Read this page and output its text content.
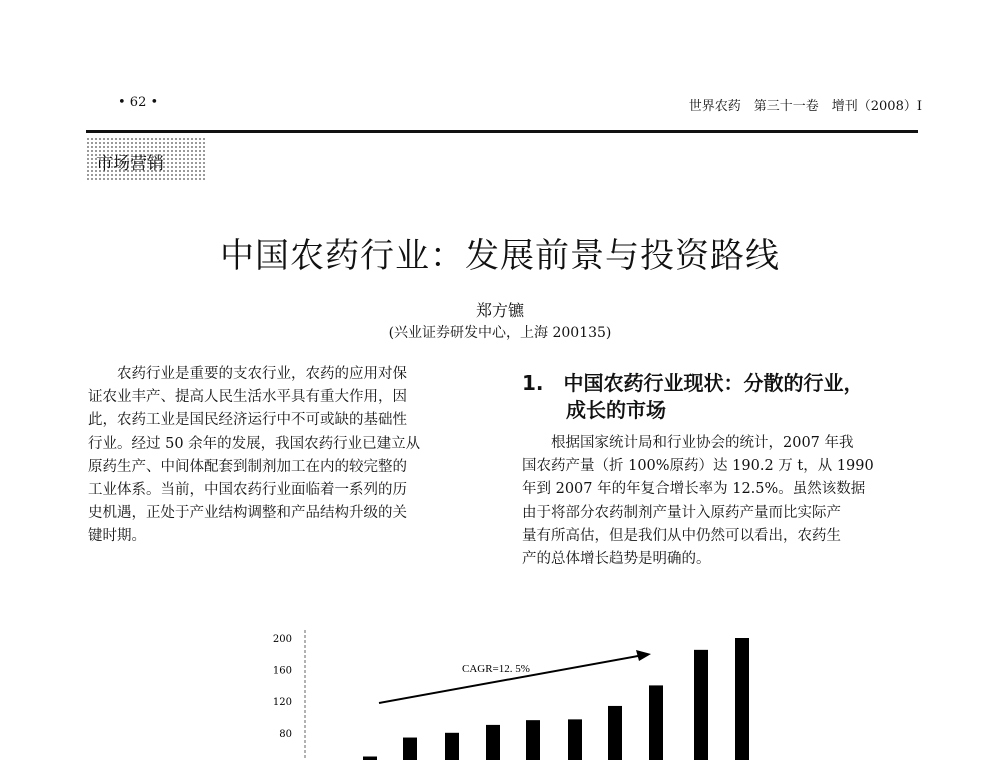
• 62 •	世界农药　第三十一卷　增刊（2008）Ⅰ
市场营销
中国农药行业：发展前景与投资路线
郑方镳
(兴业证券研发中心，上海 200135)
　　农药行业是重要的支农行业，农药的应用对保
证农业丰产、提高人民生活水平具有重大作用，因
此，农药工业是国民经济运行中不可或缺的基础性
行业。经过 50 余年的发展，我国农药行业已建立从
原药生产、中间体配套到制剂加工在内的较完整的
工业体系。当前，中国农药行业面临着一系列的历
史机遇，正处于产业结构调整和产品结构升级的关
键时期。
1.　中国农药行业现状：分散的行业，
成长的市场
　　根据国家统计局和行业协会的统计，2007 年我
国农药产量（折 100%原药）达 190.2 万 t，从 1990
年到 2007 年的年复合增长率为 12.5%。虽然该数据
由于将部分农药制剂产量计入原药产量而比实际产
量有所高估，但是我们从中仍然可以看出，农药生
产的总体增长趋势是明确的。
80
120
160
200
CAGR=12. 5%
